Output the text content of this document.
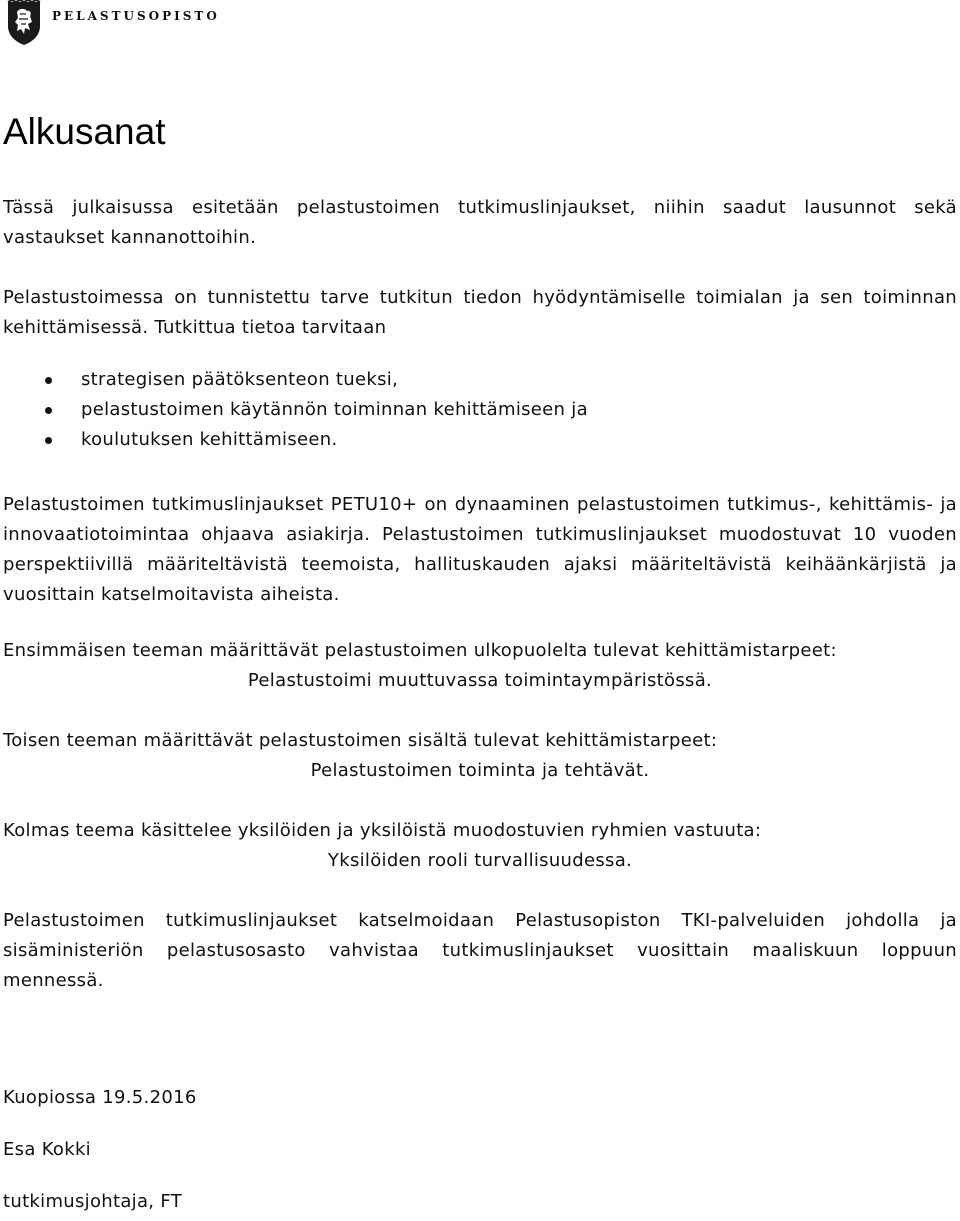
PELASTUSOPISTO
Alkusanat

Tässä julkaisussa esitetään pelastustoimen tutkimuslinjaukset, niihin saadut lausunnot sekä vastaukset kannanottoihin.

Pelastustoimessa on tunnistettu tarve tutkitun tiedon hyödyntämiselle toimialan ja sen toiminnan kehittämisessä. Tutkittua tietoa tarvitaan

strategisen päätöksenteon tueksi,
pelastustoimen käytännön toiminnan kehittämiseen ja
koulutuksen kehittämiseen.

Pelastustoimen tutkimuslinjaukset PETU10+ on dynaaminen pelastustoimen tutkimus-, kehittämis- ja innovaatiotoimintaa ohjaava asiakirja. Pelastustoimen tutkimuslinjaukset muodostuvat 10 vuoden perspektiivillä määriteltävistä teemoista, hallituskauden ajaksi määriteltävistä keihäänkärjistä ja vuosittain katselmoitavista aiheista.

Ensimmäisen teeman määrittävät pelastustoimen ulkopuolelta tulevat kehittämistarpeet:

Pelastustoimi muuttuvassa toimintaympäristössä.

Toisen teeman määrittävät pelastustoimen sisältä tulevat kehittämistarpeet:

Pelastustoimen toiminta ja tehtävät.

Kolmas teema käsittelee yksilöiden ja yksilöistä muodostuvien ryhmien vastuuta:

Yksilöiden rooli turvallisuudessa.

Pelastustoimen tutkimuslinjaukset katselmoidaan Pelastusopiston TKI-palveluiden johdolla ja sisäministeriön pelastusosasto vahvistaa tutkimuslinjaukset vuosittain maaliskuun loppuun mennessä.

Kuopiossa 19.5.2016

Esa Kokki

tutkimusjohtaja, FT
